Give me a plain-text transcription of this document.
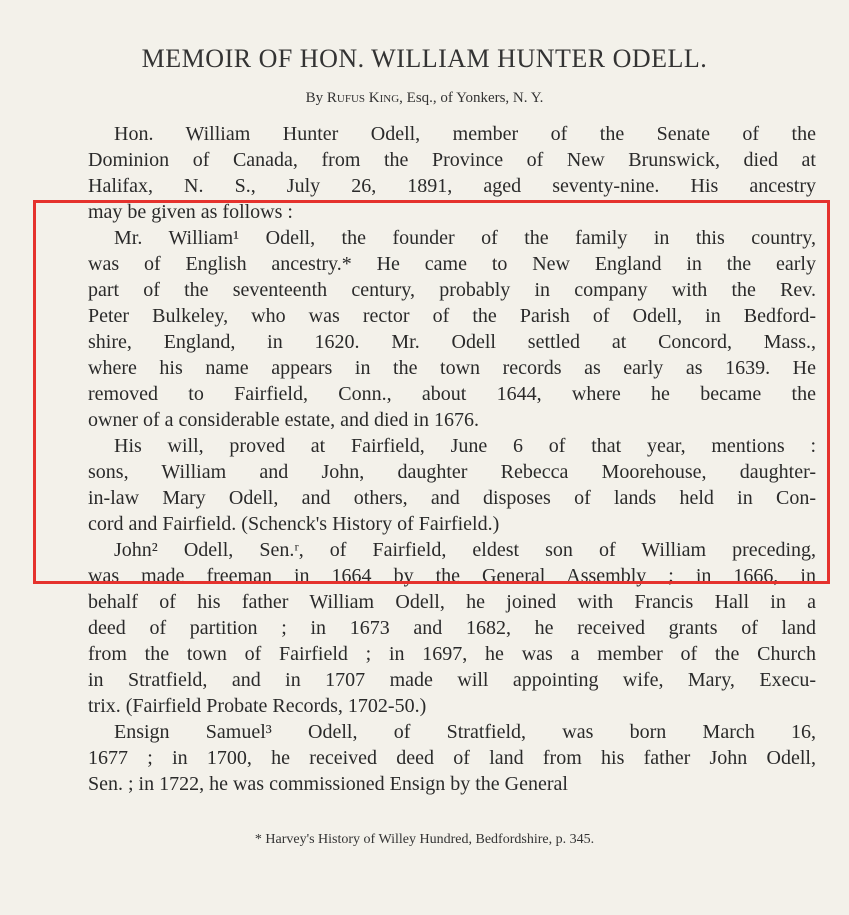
MEMOIR OF HON. WILLIAM HUNTER ODELL.
By Rufus King, Esq., of Yonkers, N. Y.
Hon. William Hunter Odell, member of the Senate of the
Dominion of Canada, from the Province of New Brunswick, died at
Halifax, N. S., July 26, 1891, aged seventy-nine. His ancestry
may be given as follows :
Mr. William¹ Odell, the founder of the family in this country,
was of English ancestry.* He came to New England in the early
part of the seventeenth century, probably in company with the Rev.
Peter Bulkeley, who was rector of the Parish of Odell, in Bedford-
shire, England, in 1620. Mr. Odell settled at Concord, Mass.,
where his name appears in the town records as early as 1639. He
removed to Fairfield, Conn., about 1644, where he became the
owner of a considerable estate, and died in 1676.
His will, proved at Fairfield, June 6 of that year, mentions :
sons, William and John, daughter Rebecca Moorehouse, daughter-
in-law Mary Odell, and others, and disposes of lands held in Con-
cord and Fairfield. (Schenck's History of Fairfield.)
John² Odell, Sen.ʳ, of Fairfield, eldest son of William preceding,
was made freeman in 1664 by the General Assembly ; in 1666, in
behalf of his father William Odell, he joined with Francis Hall in a
deed of partition ; in 1673 and 1682, he received grants of land
from the town of Fairfield ; in 1697, he was a member of the Church
in Stratfield, and in 1707 made will appointing wife, Mary, Execu-
trix. (Fairfield Probate Records, 1702-50.)
Ensign Samuel³ Odell, of Stratfield, was born March 16,
1677 ; in 1700, he received deed of land from his father John Odell,
Sen. ; in 1722, he was commissioned Ensign by the General
* Harvey's History of Willey Hundred, Bedfordshire, p. 345.
